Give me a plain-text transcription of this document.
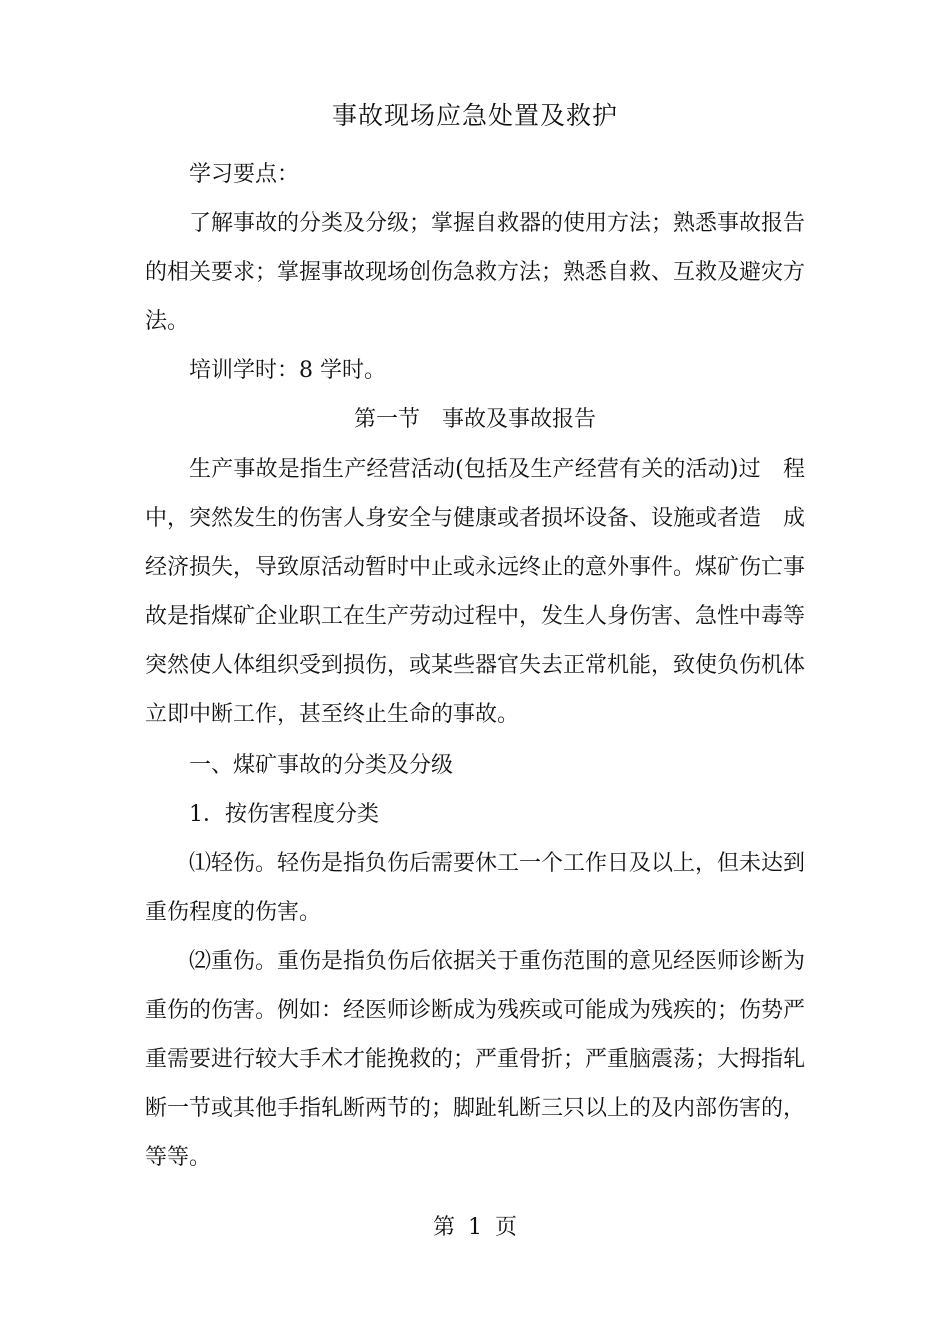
事故现场应急处置及救护

学习要点：

了解事故的分类及分级；掌握自救器的使用方法；熟悉事故报告的相关要求；掌握事故现场创伤急救方法；熟悉自救、互救及避灾方法。

培训学时：8 学时。

第一节　事故及事故报告

生产事故是指生产经营活动(包括及生产经营有关的活动)过　程中，突然发生的伤害人身安全与健康或者损坏设备、设施或者造　成经济损失，导致原活动暂时中止或永远终止的意外事件。煤矿伤亡事故是指煤矿企业职工在生产劳动过程中，发生人身伤害、急性中毒等突然使人体组织受到损伤，或某些器官失去正常机能，致使负伤机体立即中断工作，甚至终止生命的事故。

一、煤矿事故的分类及分级

1．按伤害程度分类

⑴轻伤。轻伤是指负伤后需要休工一个工作日及以上，但未达到重伤程度的伤害。

⑵重伤。重伤是指负伤后依据关于重伤范围的意见经医师诊断为重伤的伤害。例如：经医师诊断成为残疾或可能成为残疾的；伤势严重需要进行较大手术才能挽救的；严重骨折；严重脑震荡；大拇指轧断一节或其他手指轧断两节的；脚趾轧断三只以上的及内部伤害的，等等。

第 1 页
